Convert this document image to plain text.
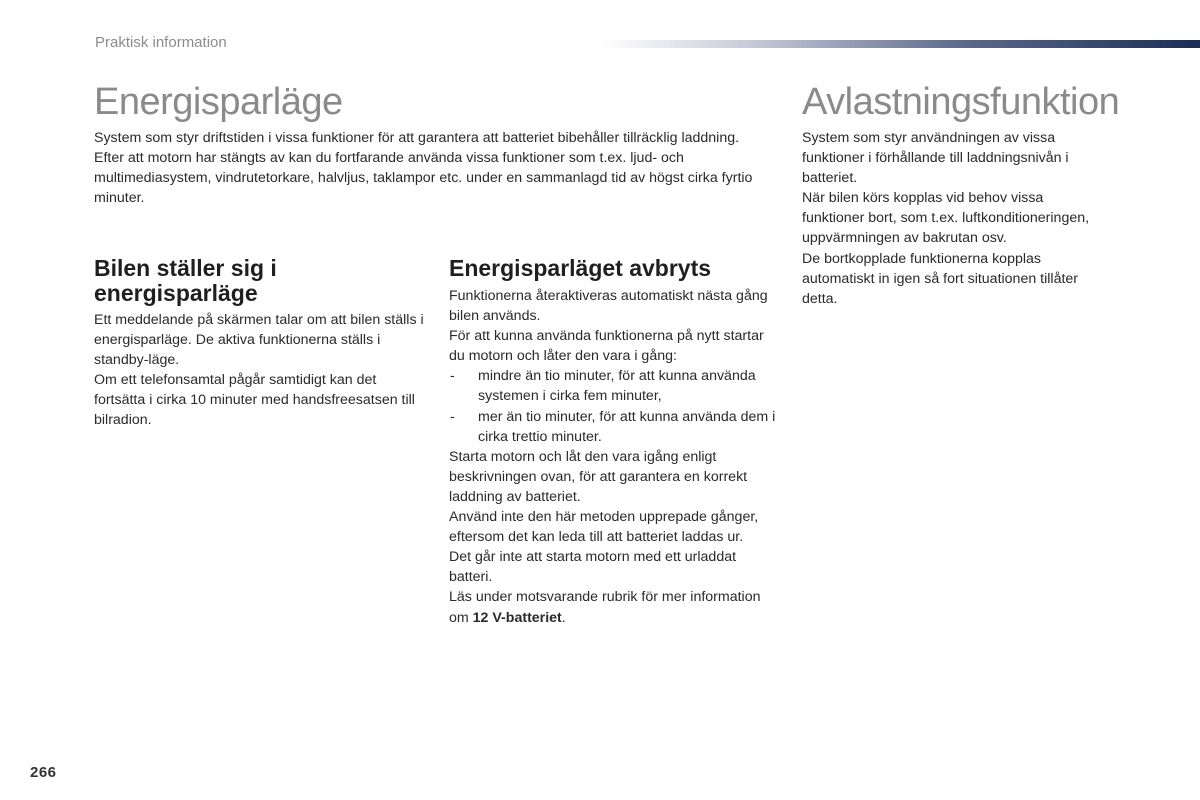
Praktisk information
Energisparläge

System som styr driftstiden i vissa funktioner för att garantera att batteriet bibehåller tillräcklig laddning.

Efter att motorn har stängts av kan du fortfarande använda vissa funktioner som t.ex. ljud- och multimediasystem, vindrutetorkare, halvljus, taklampor etc. under en sammanlagd tid av högst cirka fyrtio minuter.

Bilen ställer sig i energisparläge

Ett meddelande på skärmen talar om att bilen ställs i energisparläge. De aktiva funktionerna ställs i standby-läge.

Om ett telefonsamtal pågår samtidigt kan det fortsätta i cirka 10 minuter med handsfreesatsen till bilradion.

Energisparläget avbryts

Funktionerna återaktiveras automatiskt nästa gång bilen används.

För att kunna använda funktionerna på nytt startar du motorn och låter den vara i gång:

-	mindre än tio minuter, för att kunna använda systemen i cirka fem minuter,
-	mer än tio minuter, för att kunna använda dem i cirka trettio minuter.

Starta motorn och låt den vara igång enligt beskrivningen ovan, för att garantera en korrekt laddning av batteriet.

Använd inte den här metoden upprepade gånger, eftersom det kan leda till att batteriet laddas ur.

Det går inte att starta motorn med ett urladdat batteri.

Läs under motsvarande rubrik för mer information om 12 V-batteriet.

Avlastningsfunktion

System som styr användningen av vissa funktioner i förhållande till laddningsnivån i batteriet.

När bilen körs kopplas vid behov vissa funktioner bort, som t.ex. luftkonditioneringen, uppvärmningen av bakrutan osv.

De bortkopplade funktionerna kopplas automatiskt in igen så fort situationen tillåter detta.

266
